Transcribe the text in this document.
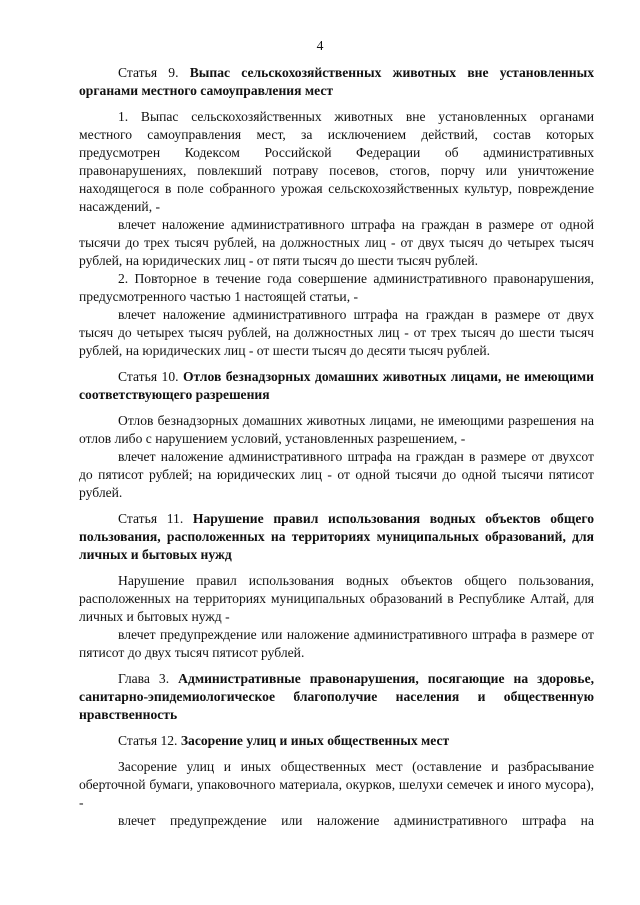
4

Статья 9. Выпас сельскохозяйственных животных вне установленных органами местного самоуправления мест

1. Выпас сельскохозяйственных животных вне установленных органами местного самоуправления мест, за исключением действий, состав которых предусмотрен Кодексом Российской Федерации об административных правонарушениях, повлекший потраву посевов, стогов, порчу или уничтожение находящегося в поле собранного урожая сельскохозяйственных культур, повреждение насаждений, -

влечет наложение административного штрафа на граждан в размере от одной тысячи до трех тысяч рублей, на должностных лиц - от двух тысяч до четырех тысяч рублей, на юридических лиц - от пяти тысяч до шести тысяч рублей.

2. Повторное в течение года совершение административного правонарушения, предусмотренного частью 1 настоящей статьи, -

влечет наложение административного штрафа на граждан в размере от двух тысяч до четырех тысяч рублей, на должностных лиц - от трех тысяч до шести тысяч рублей, на юридических лиц - от шести тысяч до десяти тысяч рублей.

Статья 10. Отлов безнадзорных домашних животных лицами, не имеющими соответствующего разрешения

Отлов безнадзорных домашних животных лицами, не имеющими разрешения на отлов либо с нарушением условий, установленных разрешением, -

влечет наложение административного штрафа на граждан в размере от двухсот до пятисот рублей; на юридических лиц - от одной тысячи до одной тысячи пятисот рублей.

Статья 11. Нарушение правил использования водных объектов общего пользования, расположенных на территориях муниципальных образований, для личных и бытовых нужд

Нарушение правил использования водных объектов общего пользования, расположенных на территориях муниципальных образований в Республике Алтай, для личных и бытовых нужд -

влечет предупреждение или наложение административного штрафа в размере от пятисот до двух тысяч пятисот рублей.

Глава 3. Административные правонарушения, посягающие на здоровье, санитарно-эпидемиологическое благополучие населения и общественную нравственность

Статья 12. Засорение улиц и иных общественных мест

Засорение улиц и иных общественных мест (оставление и разбрасывание оберточной бумаги, упаковочного материала, окурков, шелухи семечек и иного мусора), -

влечет предупреждение или наложение административного штрафа на
